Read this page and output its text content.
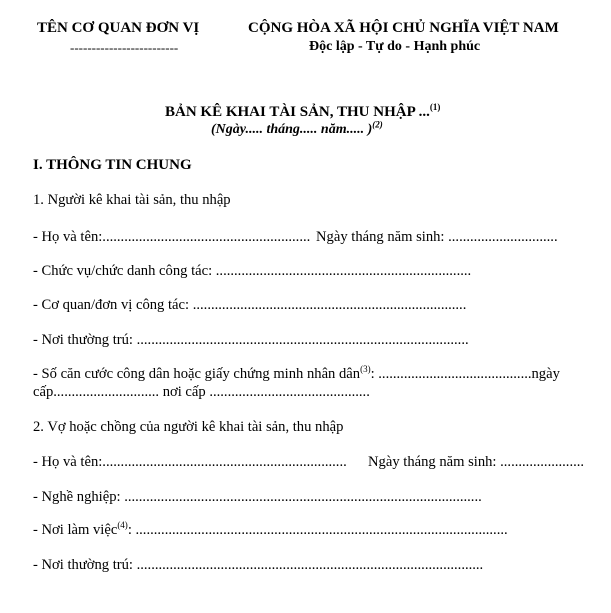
TÊN CƠ QUAN ĐƠN VỊ
-------------------------
CỘNG HÒA XÃ HỘI CHỦ NGHĨA VIỆT NAM
Độc lập - Tự do - Hạnh phúc
BẢN KÊ KHAI TÀI SẢN, THU NHẬP ...$^{(1)}$
(Ngày..... tháng..... năm..... )$^{(2)}$
I. THÔNG TIN CHUNG
1. Người kê khai tài sản, thu nhập
- Họ và tên:......................................................... Ngày tháng năm sinh: ..............................
- Chức vụ/chức danh công tác: ......................................................................
- Cơ quan/đơn vị công tác: ...........................................................................
- Nơi thường trú: ...........................................................................................
- Số căn cước công dân hoặc giấy chứng minh nhân dân$^{(3)}$: ..........................................ngày
cấp............................. nơi cấp ............................................
2. Vợ hoặc chồng của người kê khai tài sản, thu nhập
- Họ và tên:................................................................... Ngày tháng năm sinh: .......................
- Nghề nghiệp: ..................................................................................................
- Nơi làm việc$^{(4)}$: ......................................................................................................
- Nơi thường trú: ...............................................................................................
